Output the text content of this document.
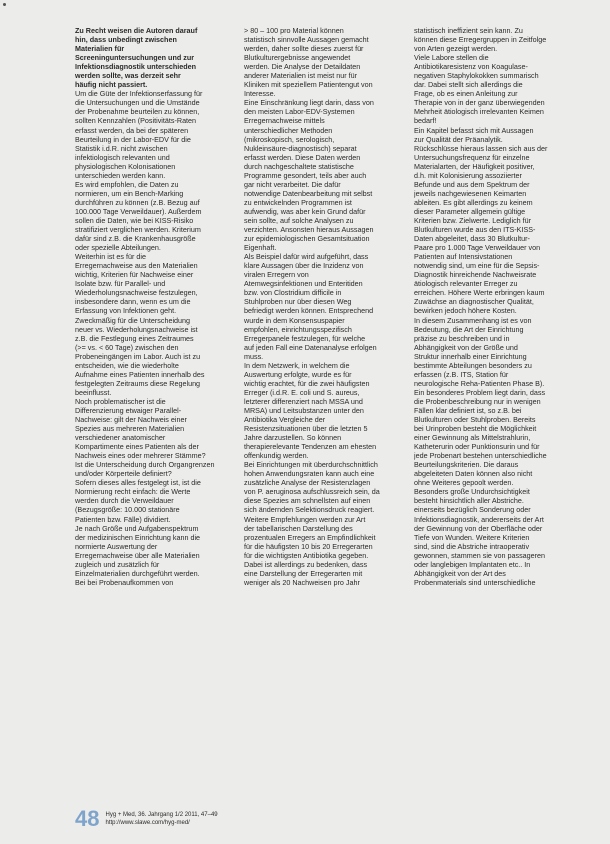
Zu Recht weisen die Autoren darauf

hin, dass unbedingt zwischen

Materialien für

Screeninguntersuchungen und zur

Infektionsdiagnostik unterschieden

werden sollte, was derzeit sehr

häufig nicht passiert.

Um die Güte der Infektionserfassung für

die Untersuchungen und die Umstände

der Probenahme beurteilen zu können,

sollten Kennzahlen (Positivitäts-Raten

erfasst werden, da bei der späteren

Beurteilung in der Labor-EDV für die

Statistik i.d.R. nicht zwischen

infektiologisch relevanten und

physiologischen Kolonisationen

unterschieden werden kann.

Es wird empfohlen, die Daten zu

normieren, um ein Bench-Marking

durchführen zu können (z.B. Bezug auf

100.000 Tage Verweildauer). Außerdem

sollen die Daten, wie bei KISS-Risiko

stratifiziert verglichen werden. Kriterium

dafür sind z.B. die Krankenhausgröße

oder spezielle Abteilungen.

Weiterhin ist es für die

Erregernachweise aus den Materialien

wichtig, Kriterien für Nachweise einer

Isolate bzw. für Parallel- und

Wiederholungsnachweise festzulegen,

insbesondere dann, wenn es um die

Erfassung von Infektionen geht.

Zweckmäßig für die Unterscheidung

neuer vs. Wiederholungsnachweise ist

z.B. die Festlegung eines Zeitraumes

(>= vs. < 60 Tage) zwischen den

Probeneingängen im Labor. Auch ist zu

entscheiden, wie die wiederholte

Aufnahme eines Patienten innerhalb des

festgelegten Zeitraums diese Regelung

beeinflusst.

Noch problematischer ist die

Differenzierung etwaiger Parallel-

Nachweise: gilt der Nachweis einer

Spezies aus mehreren Materialien

verschiedener anatomischer

Kompartimente eines Patienten als der

Nachweis eines oder mehrerer Stämme?

Ist die Unterscheidung durch Organgrenzen

und/oder Körperteile definiert?

Sofern dieses alles festgelegt ist, ist die

Normierung recht einfach: die Werte

werden durch die Verweildauer

(Bezugsgröße: 10.000 stationäre

Patienten bzw. Fälle) dividiert.

Je nach Größe und Aufgabenspektrum

der medizinischen Einrichtung kann die

normierte Auswertung der

Erregernachweise über alle Materialien

zugleich und zusätzlich für

Einzelmaterialien durchgeführt werden.

Bei bei Probenaufkommen von

> 80 – 100 pro Material können

statistisch sinnvolle Aussagen gemacht

werden, daher sollte dieses zuerst für

Blutkulturergebnisse angewendet

werden. Die Analyse der Detaildaten

anderer Materialien ist meist nur für

Kliniken mit speziellem Patientengut von

Interesse.

Eine Einschränkung liegt darin, dass von

den meisten Labor-EDV-Systemen

Erregernachweise mittels

unterschiedlicher Methoden

(mikroskopisch, serologisch,

Nukleinsäure-diagnostisch) separat

erfasst werden. Diese Daten werden

durch nachgeschaltete statistische

Programme gesondert, teils aber auch

gar nicht verarbeitet. Die dafür

notwendige Datenbearbeitung mit selbst

zu entwickelnden Programmen ist

aufwendig, was aber kein Grund dafür

sein sollte, auf solche Analysen zu

verzichten. Ansonsten hieraus Aussagen

zur epidemiologischen Gesamtsituation

Eigenhaft.

Als Beispiel dafür wird aufgeführt, dass

klare Aussagen über die Inzidenz von

viralen Erregern von

Atemwegsinfektionen und Enteritiden

bzw. von Clostridium difficile in

Stuhlproben nur über diesen Weg

befriedigt werden können. Entsprechend

wurde in dem Konsensuspapier

empfohlen, einrichtungsspezifisch

Erregerpanele festzulegen, für welche

auf jeden Fall eine Datenanalyse erfolgen

muss.

In dem Netzwerk, in welchem die

Auswertung erfolgte, wurde es für

wichtig erachtet, für die zwei häufigsten

Erreger (i.d.R. E. coli und S. aureus,

letzterer differenziert nach MSSA und

MRSA) und Leitsubstanzen unter den

Antibiotika Vergleiche der

Resistenzsituationen über die letzten 5

Jahre darzustellen. So können

therapierelevante Tendenzen am ehesten

offenkundig werden.

Bei Einrichtungen mit überdurchschnittlich

hohen Anwendungsraten kann auch eine

zusätzliche Analyse der Resistenzlagen

von P. aeruginosa aufschlussreich sein, da

diese Spezies am schnellsten auf einen

sich ändernden Selektionsdruck reagiert.

Weitere Empfehlungen werden zur Art

der tabellarischen Darstellung des

prozentualen Erregers an Empfindlichkeit

für die häufigsten 10 bis 20 Erregerarten

für die wichtigsten Antibiotika gegeben.

Dabei ist allerdings zu bedenken, dass

eine Darstellung der Erregerarten mit

weniger als 20 Nachweisen pro Jahr

statistisch ineffizient sein kann. Zu

können diese Erregergruppen in Zeitfolge

von Arten gezeigt werden.

Viele Labore stellen die

Antibiotikaresistenz von Koagulase-

negativen Staphylokokken summarisch

dar. Dabei stellt sich allerdings die

Frage, ob es einen Anleitung zur

Therapie von in der ganz überwiegenden

Mehrheit ätiologisch irrelevanten Keimen

bedarf!

Ein Kapitel befasst sich mit Aussagen

zur Qualität der Präanalytik.

Rückschlüsse hieraus lassen sich aus der

Untersuchungsfrequenz für einzelne

Materialarten, der Häufigkeit positiver,

d.h. mit Kolonisierung assoziierter

Befunde und aus dem Spektrum der

jeweils nachgewiesenen Keimarten

ableiten. Es gibt allerdings zu keinem

dieser Parameter allgemein gültige

Kriterien bzw. Zielwerte. Lediglich für

Blutkulturen wurde aus den ITS-KISS-

Daten abgeleitet, dass 30 Blutkultur-

Paare pro 1.000 Tage Verweildauer von

Patienten auf Intensivstationen

notwendig sind, um eine für die Sepsis-

Diagnostik hinreichende Nachweisrate

ätiologisch relevanter Erreger zu

erreichen. Höhere Werte erbringen kaum

Zuwächse an diagnostischer Qualität,

bewirken jedoch höhere Kosten.

In diesem Zusammenhang ist es von

Bedeutung, die Art der Einrichtung

präzise zu beschreiben und in

Abhängigkeit von der Größe und

Struktur innerhalb einer Einrichtung

bestimmte Abteilungen besonders zu

erfassen (z.B. ITS, Station für

neurologische Reha-Patienten Phase B).

Ein besonderes Problem liegt darin, dass

die Probenbeschreibung nur in wenigen

Fällen klar definiert ist, so z.B. bei

Blutkulturen oder Stuhlproben. Bereits

bei Urinproben besteht die Möglichkeit

einer Gewinnung als Mittelstrahlurin,

Katheterurin oder Punktionsurin und für

jede Probenart bestehen unterschiedliche

Beurteilungskriterien. Die daraus

abgeleiteten Daten können also nicht

ohne Weiteres gepoolt werden.

Besonders große Undurchsichtigkeit

besteht hinsichtlich aller Abstriche.

einerseits bezüglich Sonderung oder

Infektionsdiagnostik, andererseits der Art

der Gewinnung von der Oberfläche oder

Tiefe von Wunden. Weitere Kriterien

sind, sind die Abstriche intraoperativ

gewonnen, stammen sie von passageren

oder langlebigen Implantaten etc.. In

Abhängigkeit von der Art des

Probenmaterials sind unterschiedliche

48 Hyg + Med, 36. Jahrgang 1/2 2011, 47–49
http://www.slawe.com/hyg-med/
